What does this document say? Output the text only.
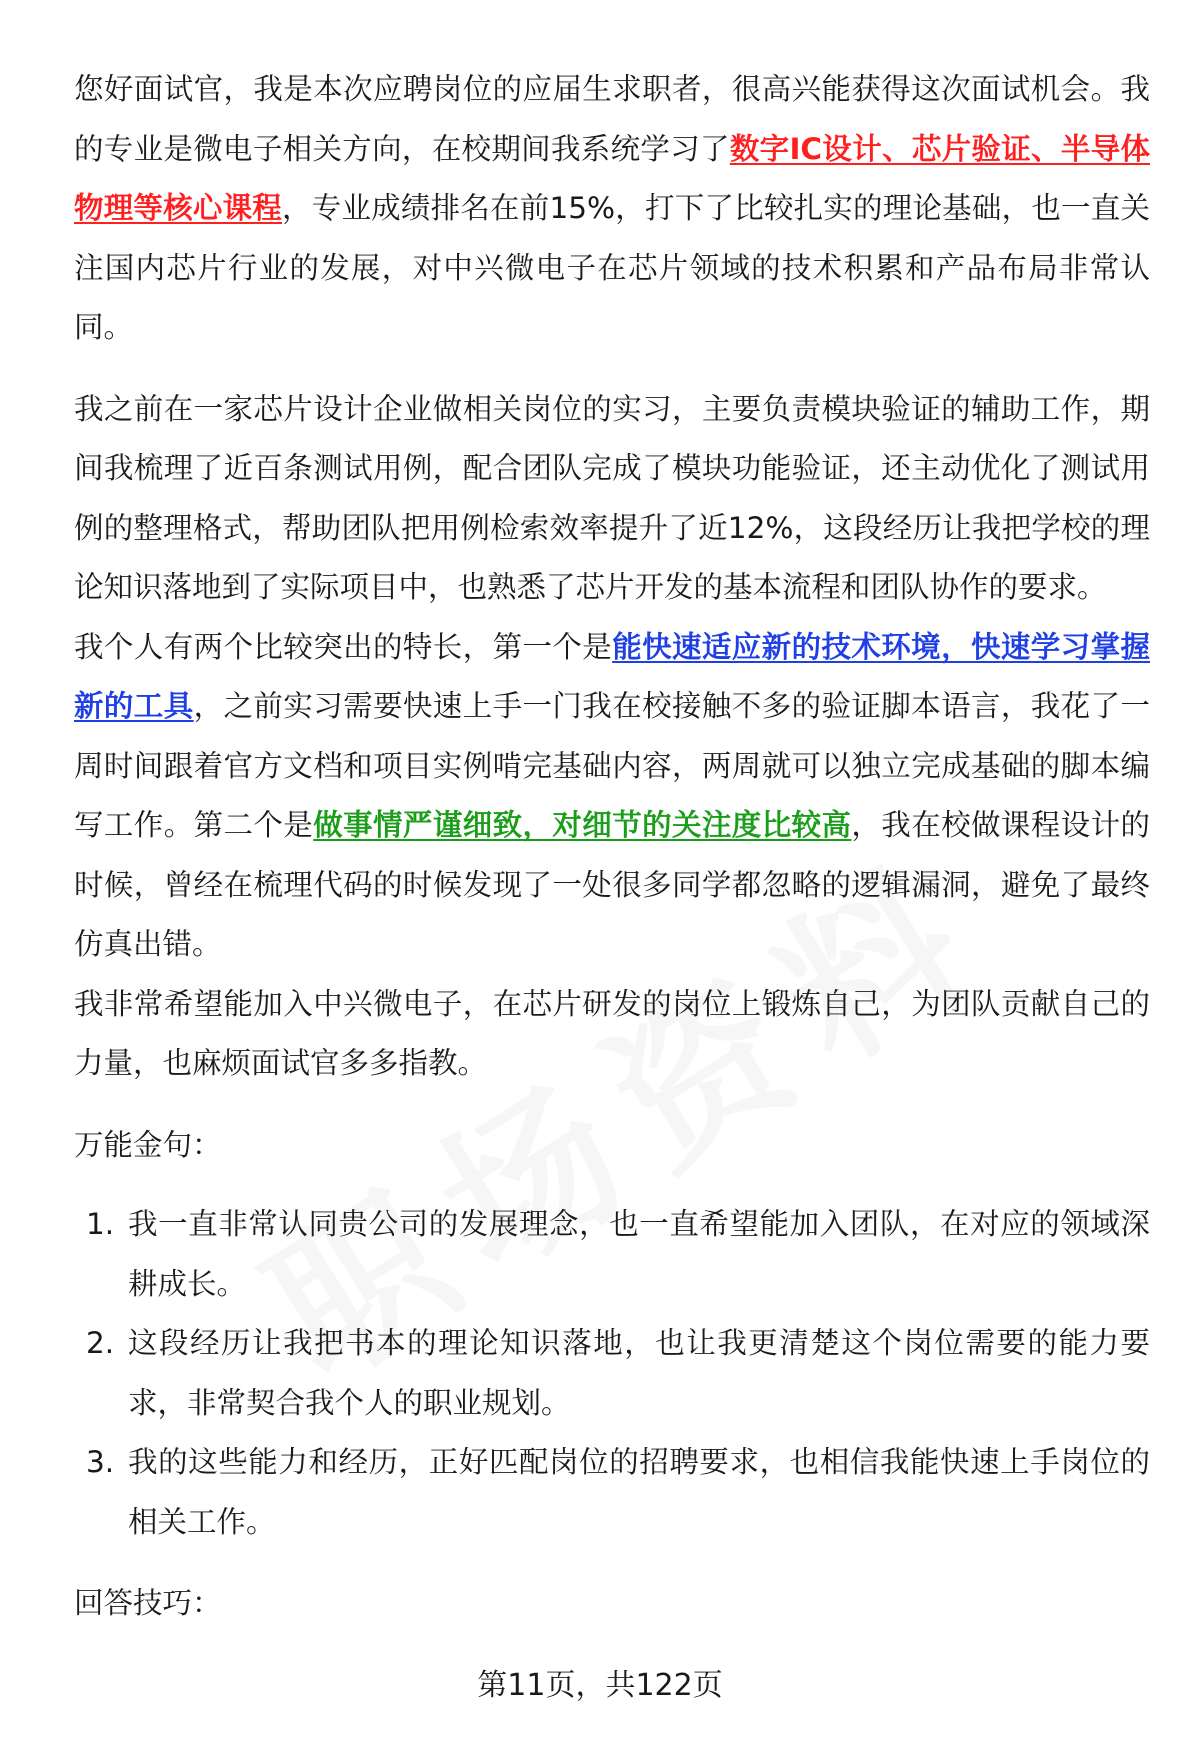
您好面试官，我是本次应聘岗位的应届生求职者，很高兴能获得这次面试机会。我的专业是微电子相关方向，在校期间我系统学习了数字IC设计、芯片验证、半导体物理等核心课程，专业成绩排名在前15%，打下了比较扎实的理论基础，也一直关注国内芯片行业的发展，对中兴微电子在芯片领域的技术积累和产品布局非常认同。

我之前在一家芯片设计企业做相关岗位的实习，主要负责模块验证的辅助工作，期间我梳理了近百条测试用例，配合团队完成了模块功能验证，还主动优化了测试用例的整理格式，帮助团队把用例检索效率提升了近12%，这段经历让我把学校的理论知识落地到了实际项目中，也熟悉了芯片开发的基本流程和团队协作的要求。

我个人有两个比较突出的特长，第一个是能快速适应新的技术环境，快速学习掌握新的工具，之前实习需要快速上手一门我在校接触不多的验证脚本语言，我花了一周时间跟着官方文档和项目实例啃完基础内容，两周就可以独立完成基础的脚本编写工作。第二个是做事情严谨细致，对细节的关注度比较高，我在校做课程设计的时候，曾经在梳理代码的时候发现了一处很多同学都忽略的逻辑漏洞，避免了最终仿真出错。

我非常希望能加入中兴微电子，在芯片研发的岗位上锻炼自己，为团队贡献自己的力量，也麻烦面试官多多指教。

万能金句：

1. 我一直非常认同贵公司的发展理念，也一直希望能加入团队，在对应的领域深耕成长。
2. 这段经历让我把书本的理论知识落地，也让我更清楚这个岗位需要的能力要求，非常契合我个人的职业规划。
3. 我的这些能力和经历，正好匹配岗位的招聘要求，也相信我能快速上手岗位的相关工作。

回答技巧：

第11页，共122页
